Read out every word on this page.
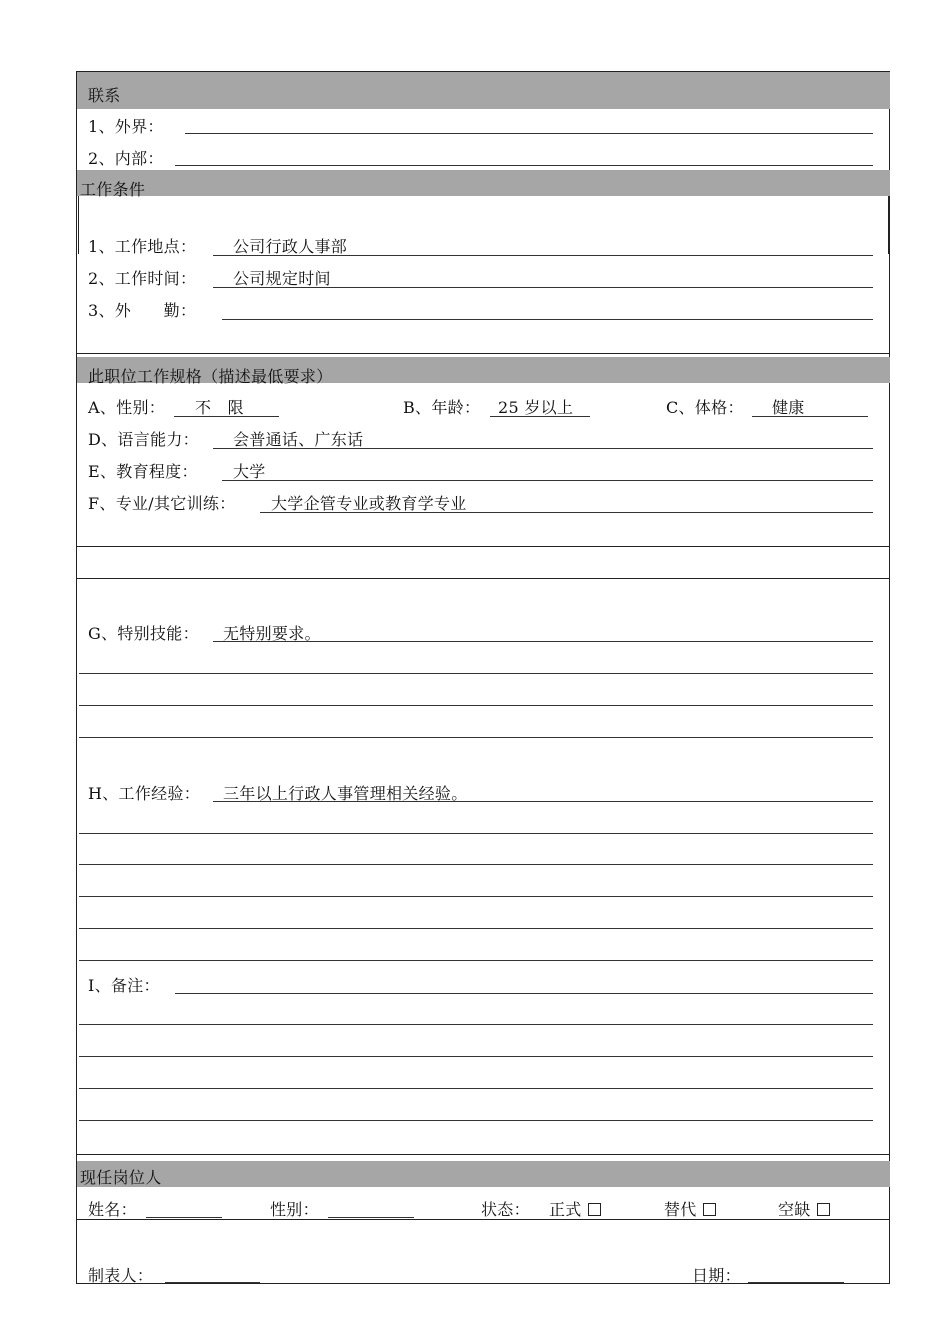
联系
1、外界：
2、内部：
工作条件
1、工作地点： 公司行政人事部
2、工作时间： 公司规定时间
3、外　　勤：
此职位工作规格（描述最低要求）
A、性别： 不　限	B、年龄： 25 岁以上	C、体格： 健康
D、语言能力： 会普通话、广东话
E、教育程度： 大学
F、专业/其它训练： 大学企管专业或教育学专业
G、特别技能： 无特别要求。
H、工作经验： 三年以上行政人事管理相关经验。
I、备注：
现任岗位人
姓名：	性别：	状态： 正式	替代	空缺
制表人：	日期：
